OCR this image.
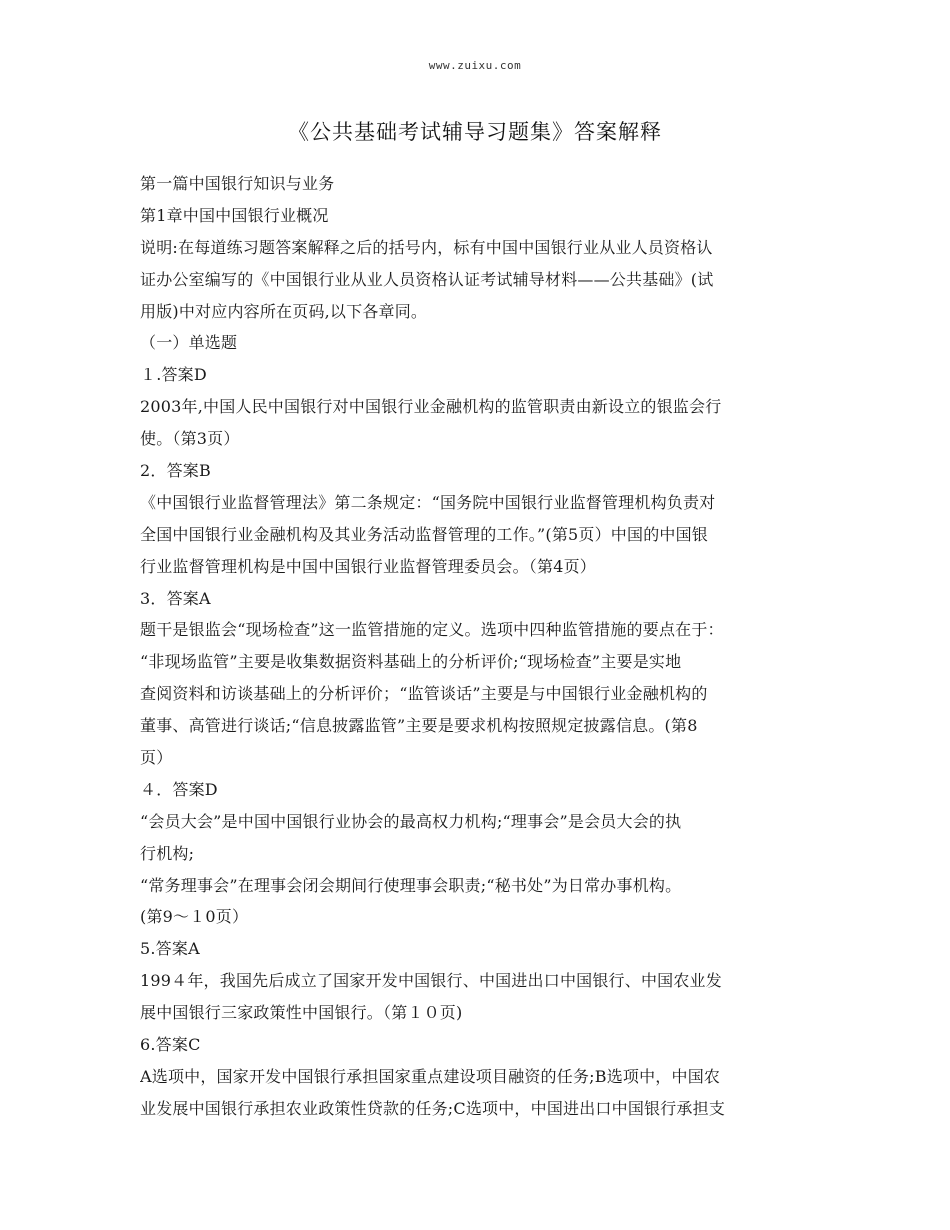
www.zuixu.com
《公共基础考试辅导习题集》答案解释
第一篇中国银行知识与业务
第1章中国中国银行业概况
说明:在每道练习题答案解释之后的括号内，标有中国中国银行业从业人员资格认
证办公室编写的《中国银行业从业人员资格认证考试辅导材料——公共基础》(试
用版)中对应内容所在页码,以下各章同。
（一）单选题
１.答案D
2003年,中国人民中国银行对中国银行业金融机构的监管职责由新设立的银监会行
使。（第3页）
2．答案B
《中国银行业监督管理法》第二条规定：“国务院中国银行业监督管理机构负责对
全国中国银行业金融机构及其业务活动监督管理的工作。”(第5页）中国的中国银
行业监督管理机构是中国中国银行业监督管理委员会。（第4页）
3．答案A
题干是银监会“现场检查”这一监管措施的定义。选项中四种监管措施的要点在于：
“非现场监管”主要是收集数据资料基础上的分析评价;“现场检查”主要是实地
查阅资料和访谈基础上的分析评价；“监管谈话”主要是与中国银行业金融机构的
董事、高管进行谈话;“信息披露监管”主要是要求机构按照规定披露信息。(第8
页）
４．答案D
“会员大会”是中国中国银行业协会的最高权力机构;“理事会”是会员大会的执
行机构;
“常务理事会”在理事会闭会期间行使理事会职责;“秘书处”为日常办事机构。
(第9～１0页）
5.答案A
199４年，我国先后成立了国家开发中国银行、中国进出口中国银行、中国农业发
展中国银行三家政策性中国银行。（第１０页)
6.答案C
A选项中，国家开发中国银行承担国家重点建设项目融资的任务;B选项中，中国农
业发展中国银行承担农业政策性贷款的任务;C选项中，中国进出口中国银行承担支
